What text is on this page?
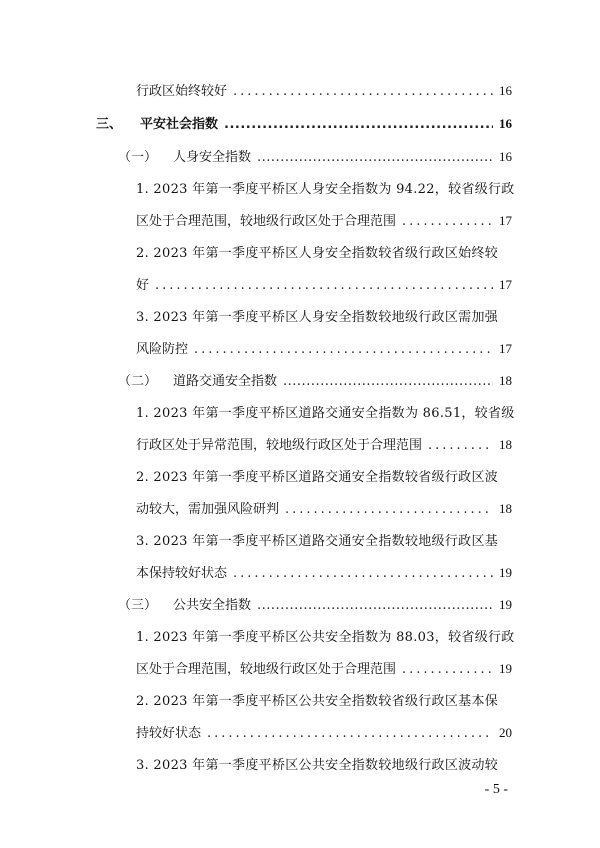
行政区始终较好 .....	16
三、 平安社会指数 .....	16
（一） 人身安全指数 .....	16
1. 2023 年第一季度平桥区人身安全指数为 94.22，较省级行政
区处于合理范围，较地级行政区处于合理范围 .....	17
2. 2023 年第一季度平桥区人身安全指数较省级行政区始终较
好 .....	17
3. 2023 年第一季度平桥区人身安全指数较地级行政区需加强
风险防控 .....	17
（二） 道路交通安全指数 .....	18
1. 2023 年第一季度平桥区道路交通安全指数为 86.51，较省级
行政区处于异常范围，较地级行政区处于合理范围 .....	18
2. 2023 年第一季度平桥区道路交通安全指数较省级行政区波
动较大，需加强风险研判 .....	18
3. 2023 年第一季度平桥区道路交通安全指数较地级行政区基
本保持较好状态 .....	19
（三） 公共安全指数 .....	19
1. 2023 年第一季度平桥区公共安全指数为 88.03，较省级行政
区处于合理范围，较地级行政区处于合理范围 .....	19
2. 2023 年第一季度平桥区公共安全指数较省级行政区基本保
持较好状态 .....	20
3. 2023 年第一季度平桥区公共安全指数较地级行政区波动较
- 5 -
